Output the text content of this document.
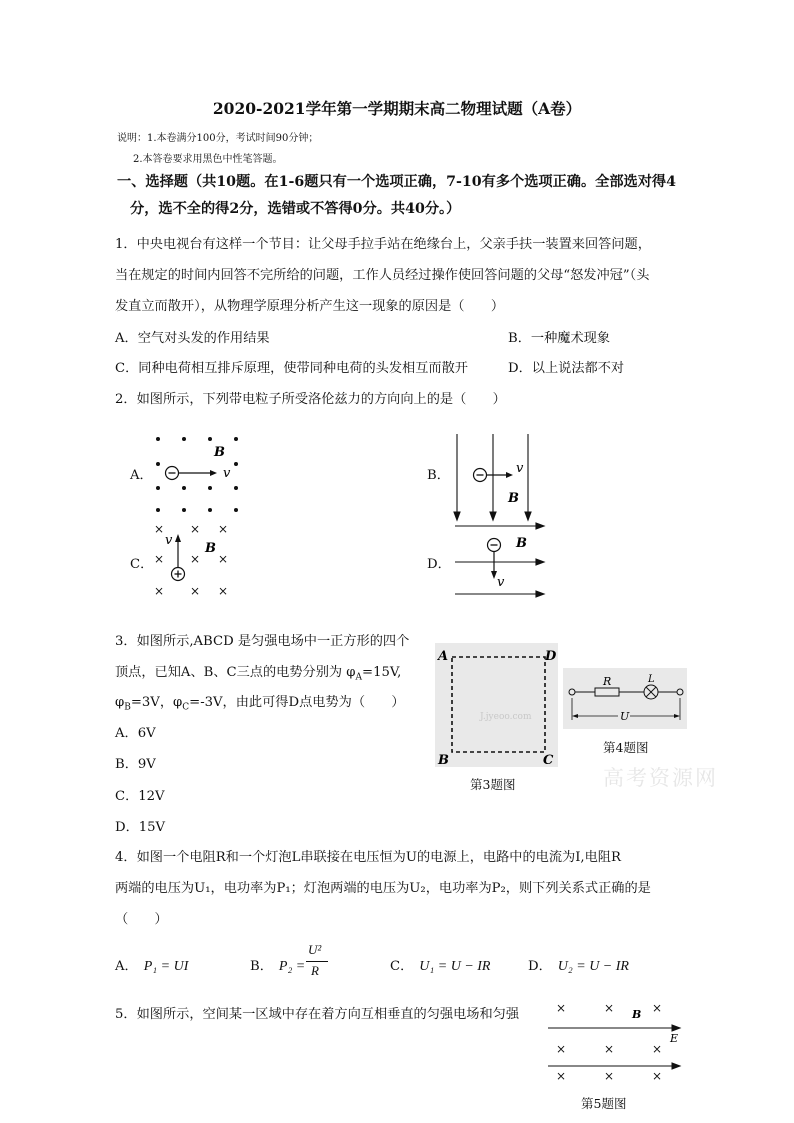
2020-2021学年第一学期期末高二物理试题（A卷）
说明：1.本卷满分100分，考试时间90分钟；
2.本答卷要求用黑色中性笔答题。
一、选择题（共10题。在1-6题只有一个选项正确，7-10有多个选项正确。全部选对得4
分，选不全的得2分，选错或不答得0分。共40分。）
1．中央电视台有这样一个节目：让父母手拉手站在绝缘台上，父亲手扶一装置来回答问题，
当在规定的时间内回答不完所给的问题，工作人员经过操作使回答问题的父母“怒发冲冠”（头
发直立而散开），从物理学原理分析产生这一现象的原因是（　　）
A．空气对头发的作用结果	B．一种魔术现象
C．同种电荷相互排斥原理，使带同种电荷的头发相互而散开	D．以上说法都不对
2．如图所示，下列带电粒子所受洛伦兹力的方向向上的是（　　）
A．	B．
C．	D．
B
v	v
B
× × ×
× × ×
× × ×
v
B
v
B
3．如图所示,ABCD 是匀强电场中一正方形的四个
顶点，已知A、B、C三点的电势分别为 $\varphi_A=15V$,
$\varphi_B=3V$，$\varphi_C=-3V$，由此可得D点电势为（　　）
A．6V
B．9V
C．12V
D．15V
A	D
B	C
J.jyeoo.com
第3题图
R	L
U
第4题图
高考资源网
4．如图一个电阻R和一个灯泡L串联接在电压恒为U的电源上，电路中的电流为I,电阻R
两端的电压为U₁，电功率为P₁；灯泡两端的电压为U₂，电功率为P₂，则下列关系式正确的是
（　　）
A． P₁ = UI	B． P₂ =
U²
R	C． U₁ = U − IR	D． U₂ = U − IR
5．如图所示，空间某一区域中存在着方向互相垂直的匀强电场和匀强	×	×	×
×	×	×
×	×	×
B
E
第5题图
